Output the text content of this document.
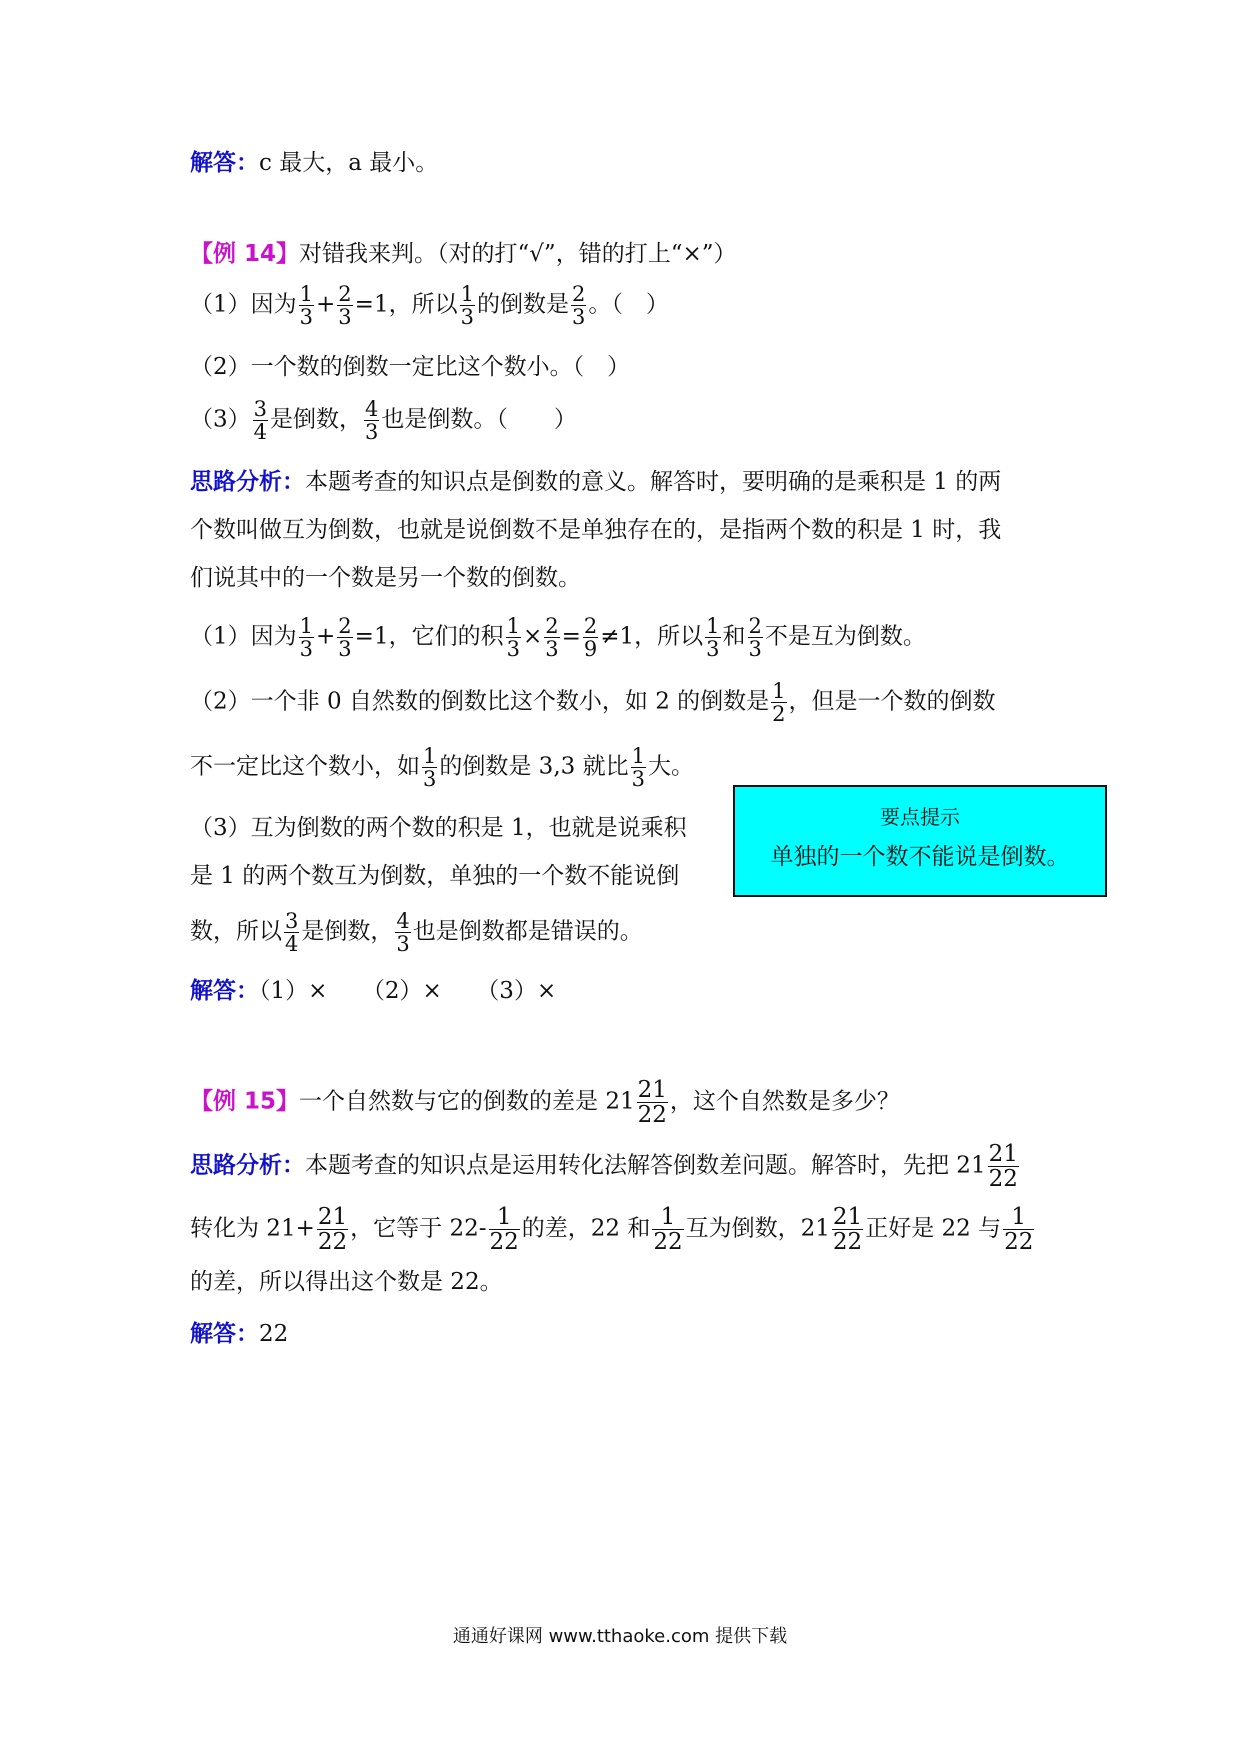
解答：c 最大，a 最小。
【例 14】对错我来判。（对的打“√”，错的打上“×”）
（1）因为 $\frac{1}{3} + \frac{2}{3} =1$，所以 $\frac{1}{3}$ 的倒数是 $\frac{2}{3}$ 。（　）
（2）一个数的倒数一定比这个数小。（　）
$(3) \frac{3}{4}$ 是倒数， $\frac{4}{3}$ 也是倒数。（　　）
思路分析：本题考查的知识点是倒数的意义。解答时，要明确的是乘积是 1 的两
个数叫做互为倒数，也就是说倒数不是单独存在的，是指两个数的积是 1 时，我
们说其中的一个数是另一个数的倒数。
（1）因为 $\frac{1}{3} + \frac{2}{3} =1$，它们的积 $\frac{1}{3} \times \frac{2}{3} = \frac{2}{9} \ne 1$，所以 $\frac{1}{3}$ 和 $\frac{2}{3}$ 不是互为倒数。
（2）一个非 0 自然数的倒数比这个数小，如 2 的倒数是 $\frac{1}{2}$ ，但是一个数的倒数
不一定比这个数小，如 $\frac{1}{3}$ 的倒数是 3,3 就比 $\frac{1}{3}$ 大。
（3）互为倒数的两个数的积是 1，也就是说乘积
是 1 的两个数互为倒数，单独的一个数不能说倒
数，所以 $\frac{3}{4}$ 是倒数， $\frac{4}{3}$ 也是倒数都是错误的。
解答：（1）×　　（2）×　　（3）×
要点提示
单独的一个数不能说是倒数。
【例 15】一个自然数与它的倒数的差是 $21 \frac{21}{22}$ ，这个自然数是多少？
思路分析：本题考查的知识点是运用转化法解答倒数差问题。解答时，先把 $21 \frac{21}{22}$
转化为 $21+ \frac{21}{22}$ ，它等于 $22- \frac{1}{22}$ 的差，22 和 $\frac{1}{22}$ 互为倒数，$21 \frac{21}{22}$ 正好是 22 与 $\frac{1}{22}$
的差，所以得出这个数是 22。
解答：22
通通好课网 www.tthaoke.com 提供下载
